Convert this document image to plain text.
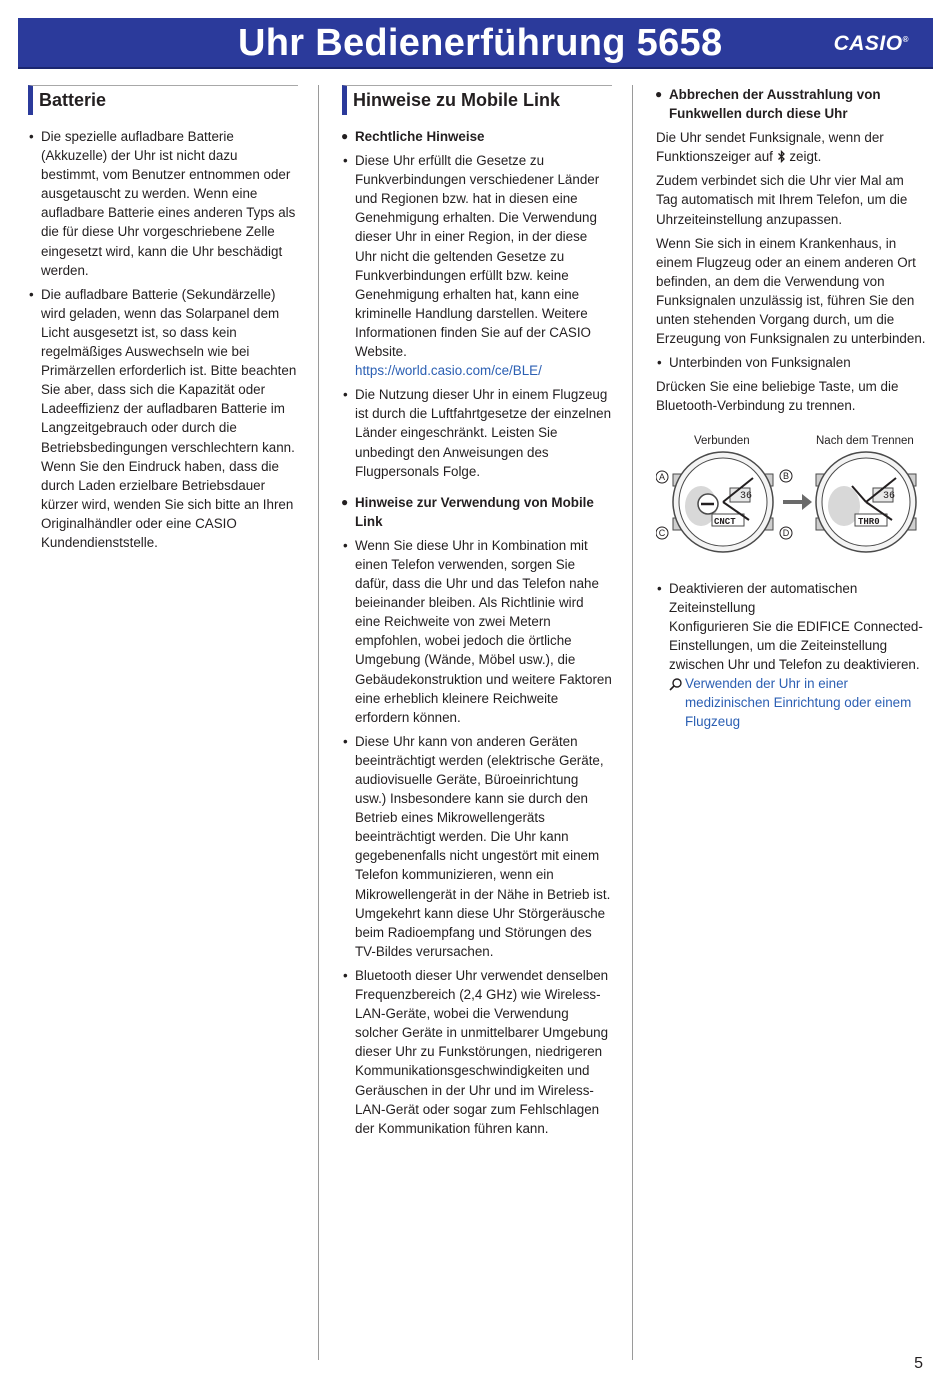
Uhr Bedienerführung 5658	CASIO®
Batterie
• Die spezielle aufladbare Batterie (Akkuzelle) der Uhr ist nicht dazu bestimmt, vom Benutzer entnommen oder ausgetauscht zu werden. Wenn eine aufladbare Batterie eines anderen Typs als die für diese Uhr vorgeschriebene Zelle eingesetzt wird, kann die Uhr beschädigt werden.
• Die aufladbare Batterie (Sekundärzelle) wird geladen, wenn das Solarpanel dem Licht ausgesetzt ist, so dass kein regelmäßiges Auswechseln wie bei Primärzellen erforderlich ist. Bitte beachten Sie aber, dass sich die Kapazität oder Ladeeffizienz der aufladbaren Batterie im Langzeitgebrauch oder durch die Betriebsbedingungen verschlechtern kann. Wenn Sie den Eindruck haben, dass die durch Laden erzielbare Betriebsdauer kürzer wird, wenden Sie sich bitte an Ihren Originalhändler oder eine CASIO Kundendienststelle.
Hinweise zu Mobile Link
● Rechtliche Hinweise
• Diese Uhr erfüllt die Gesetze zu Funkverbindungen verschiedener Länder und Regionen bzw. hat in diesen eine Genehmigung erhalten. Die Verwendung dieser Uhr in einer Region, in der diese Uhr nicht die geltenden Gesetze zu Funkverbindungen erfüllt bzw. keine Genehmigung erhalten hat, kann eine kriminelle Handlung darstellen. Weitere Informationen finden Sie auf der CASIO Website.
https://world.casio.com/ce/BLE/
• Die Nutzung dieser Uhr in einem Flugzeug ist durch die Luftfahrtgesetze der einzelnen Länder eingeschränkt. Leisten Sie unbedingt den Anweisungen des Flugpersonals Folge.
● Hinweise zur Verwendung von Mobile Link
• Wenn Sie diese Uhr in Kombination mit einen Telefon verwenden, sorgen Sie dafür, dass die Uhr und das Telefon nahe beieinander bleiben. Als Richtlinie wird eine Reichweite von zwei Metern empfohlen, wobei jedoch die örtliche Umgebung (Wände, Möbel usw.), die Gebäudekonstruktion und weitere Faktoren eine erheblich kleinere Reichweite erfordern können.
• Diese Uhr kann von anderen Geräten beeinträchtigt werden (elektrische Geräte, audiovisuelle Geräte, Büroeinrichtung usw.) Insbesondere kann sie durch den Betrieb eines Mikrowellengeräts beeinträchtigt werden. Die Uhr kann gegebenenfalls nicht ungestört mit einem Telefon kommunizieren, wenn ein Mikrowellengerät in der Nähe in Betrieb ist. Umgekehrt kann diese Uhr Störgeräusche beim Radioempfang und Störungen des TV-Bildes verursachen.
• Bluetooth dieser Uhr verwendet denselben Frequenzbereich (2,4 GHz) wie Wireless-LAN-Geräte, wobei die Verwendung solcher Geräte in unmittelbarer Umgebung dieser Uhr zu Funkstörungen, niedrigeren Kommunikationsgeschwindigkeiten und Geräuschen in der Uhr und im Wireless-LAN-Gerät oder sogar zum Fehlschlagen der Kommunikation führen kann.
● Abbrechen der Ausstrahlung von Funkwellen durch diese Uhr
Die Uhr sendet Funksignale, wenn der Funktionszeiger auf zeigt.
Zudem verbindet sich die Uhr vier Mal am Tag automatisch mit Ihrem Telefon, um die Uhrzeiteinstellung anzupassen.
Wenn Sie sich in einem Krankenhaus, in einem Flugzeug oder an einem anderen Ort befinden, an dem die Verwendung von Funksignalen unzulässig ist, führen Sie den unten stehenden Vorgang durch, um die Erzeugung von Funksignalen zu unterbinden.
• Unterbinden von Funksignalen
Drücken Sie eine beliebige Taste, um die Bluetooth-Verbindung zu trennen.
Verbunden	Nach dem Trennen
36
CNCT
36
THR0
A	B
C	D
• Deaktivieren der automatischen Zeiteinstellung
Konfigurieren Sie die EDIFICE Connected-Einstellungen, um die Zeiteinstellung zwischen Uhr und Telefon zu deaktivieren.
Verwenden der Uhr in einer medizinischen Einrichtung oder einem Flugzeug
5
